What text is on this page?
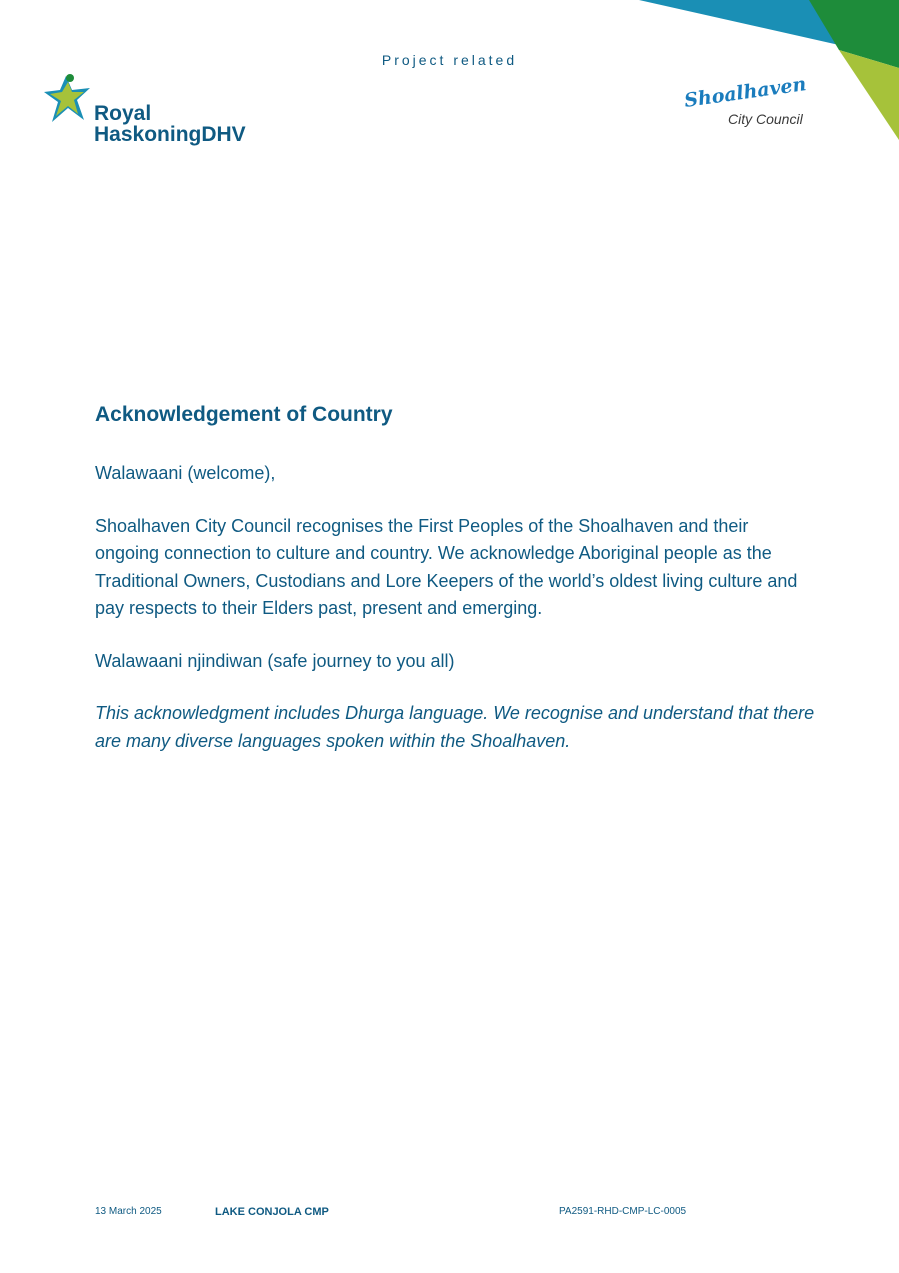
Project related
Royal
HaskoningDHV
Shoalhaven
City Council
Acknowledgement of Country

Walawaani (welcome),

Shoalhaven City Council recognises the First Peoples of the Shoalhaven and their ongoing connection to culture and country. We acknowledge Aboriginal people as the Traditional Owners, Custodians and Lore Keepers of the world’s oldest living culture and pay respects to their Elders past, present and emerging.

Walawaani njindiwan (safe journey to you all)

This acknowledgment includes Dhurga language. We recognise and understand that there are many diverse languages spoken within the Shoalhaven.

13 March 2025	LAKE CONJOLA CMP	PA2591-RHD-CMP-LC-0005
